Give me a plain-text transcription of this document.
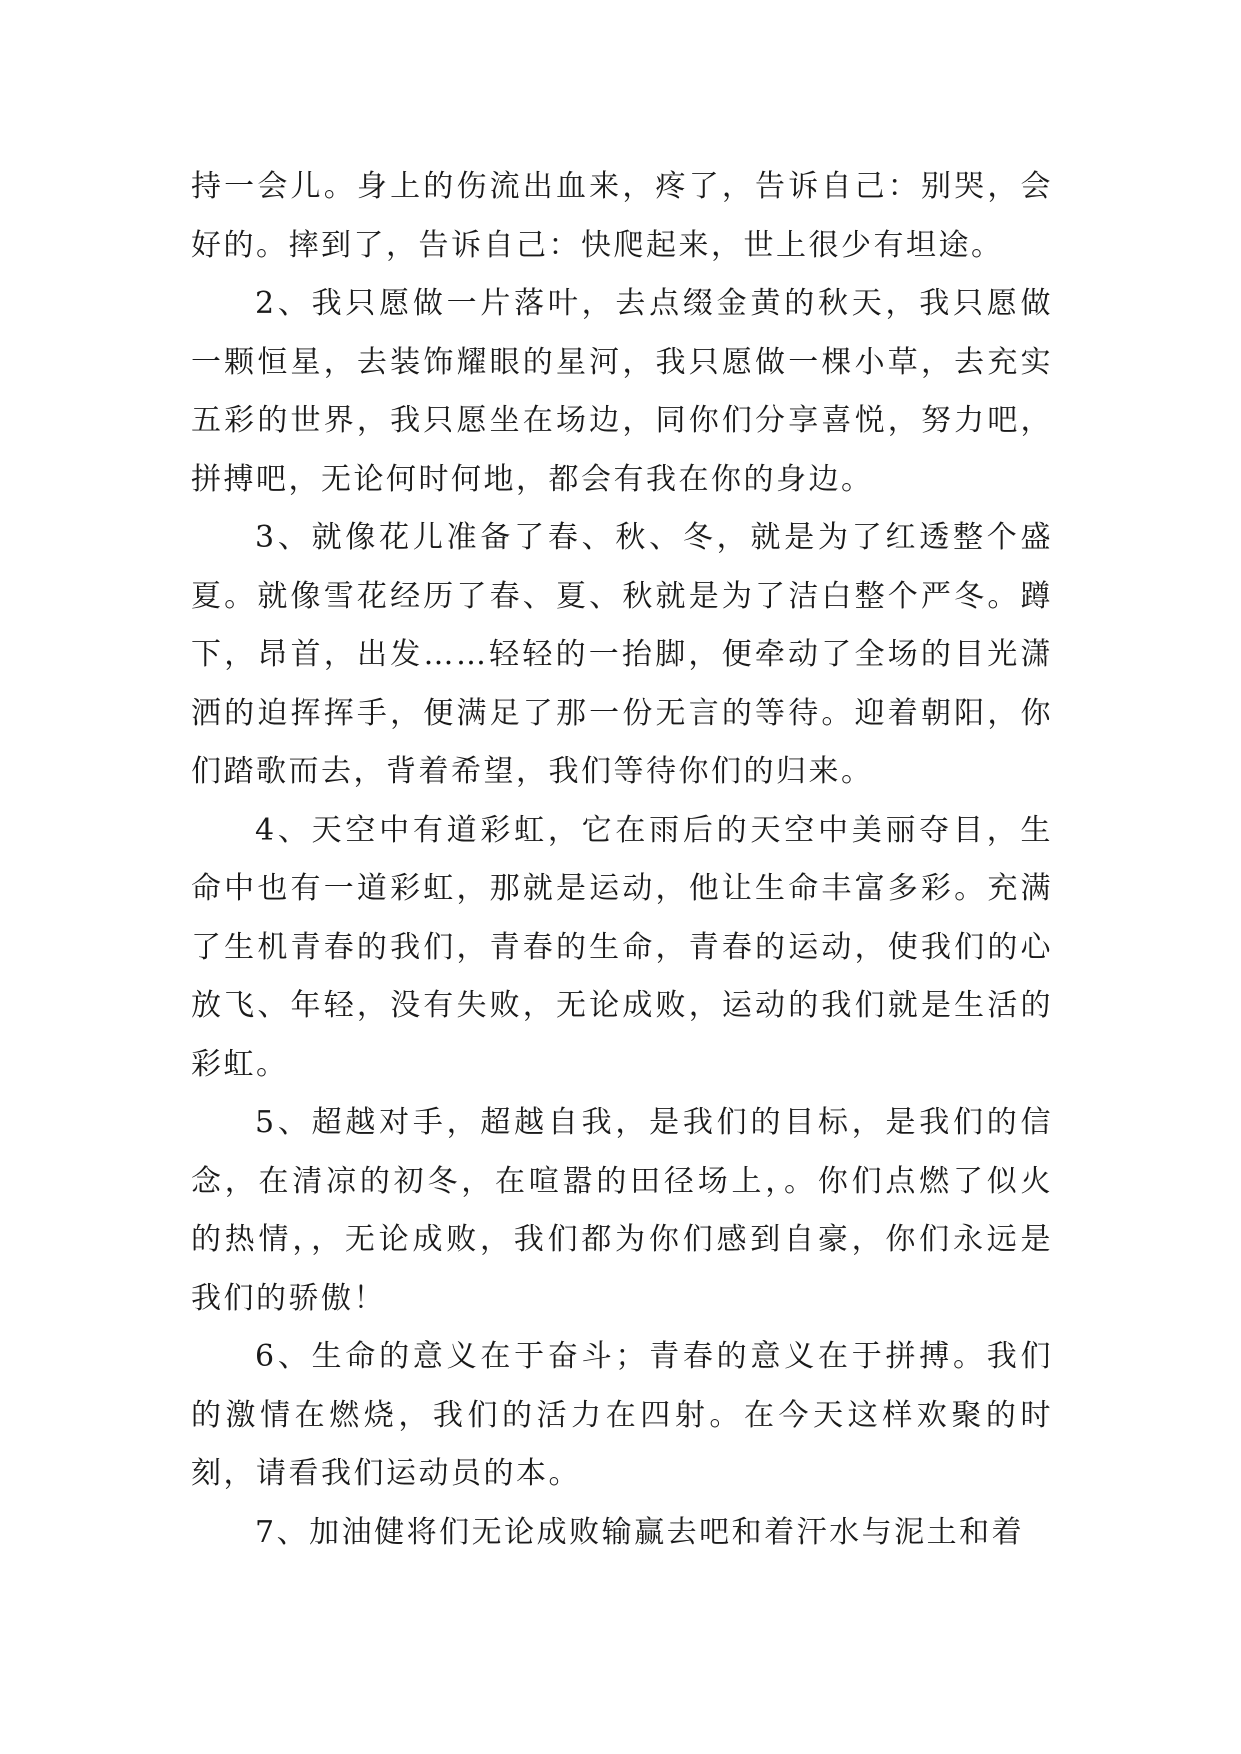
持一会儿。身上的伤流出血来，疼了，告诉自己：别哭，会好的。摔到了，告诉自己：快爬起来，世上很少有坦途。

2、我只愿做一片落叶，去点缀金黄的秋天，我只愿做一颗恒星，去装饰耀眼的星河，我只愿做一棵小草，去充实五彩的世界，我只愿坐在场边，同你们分享喜悦，努力吧，拼搏吧，无论何时何地，都会有我在你的身边。

3、就像花儿准备了春、秋、冬，就是为了红透整个盛夏。就像雪花经历了春、夏、秋就是为了洁白整个严冬。蹲下，昂首，出发……轻轻的一抬脚，便牵动了全场的目光潇洒的迫挥挥手，便满足了那一份无言的等待。迎着朝阳，你们踏歌而去，背着希望，我们等待你们的归来。

4、天空中有道彩虹，它在雨后的天空中美丽夺目，生命中也有一道彩虹，那就是运动，他让生命丰富多彩。充满了生机青春的我们，青春的生命，青春的运动，使我们的心放飞、年轻，没有失败，无论成败，运动的我们就是生活的彩虹。

5、超越对手，超越自我，是我们的目标，是我们的信念，在清凉的初冬，在喧嚣的田径场上，。你们点燃了似火的热情，，无论成败，我们都为你们感到自豪，你们永远是我们的骄傲！

6、生命的意义在于奋斗；青春的意义在于拼搏。我们的激情在燃烧，我们的活力在四射。在今天这样欢聚的时刻，请看我们运动员的本。

7、加油健将们无论成败输赢去吧和着汗水与泥土和着
